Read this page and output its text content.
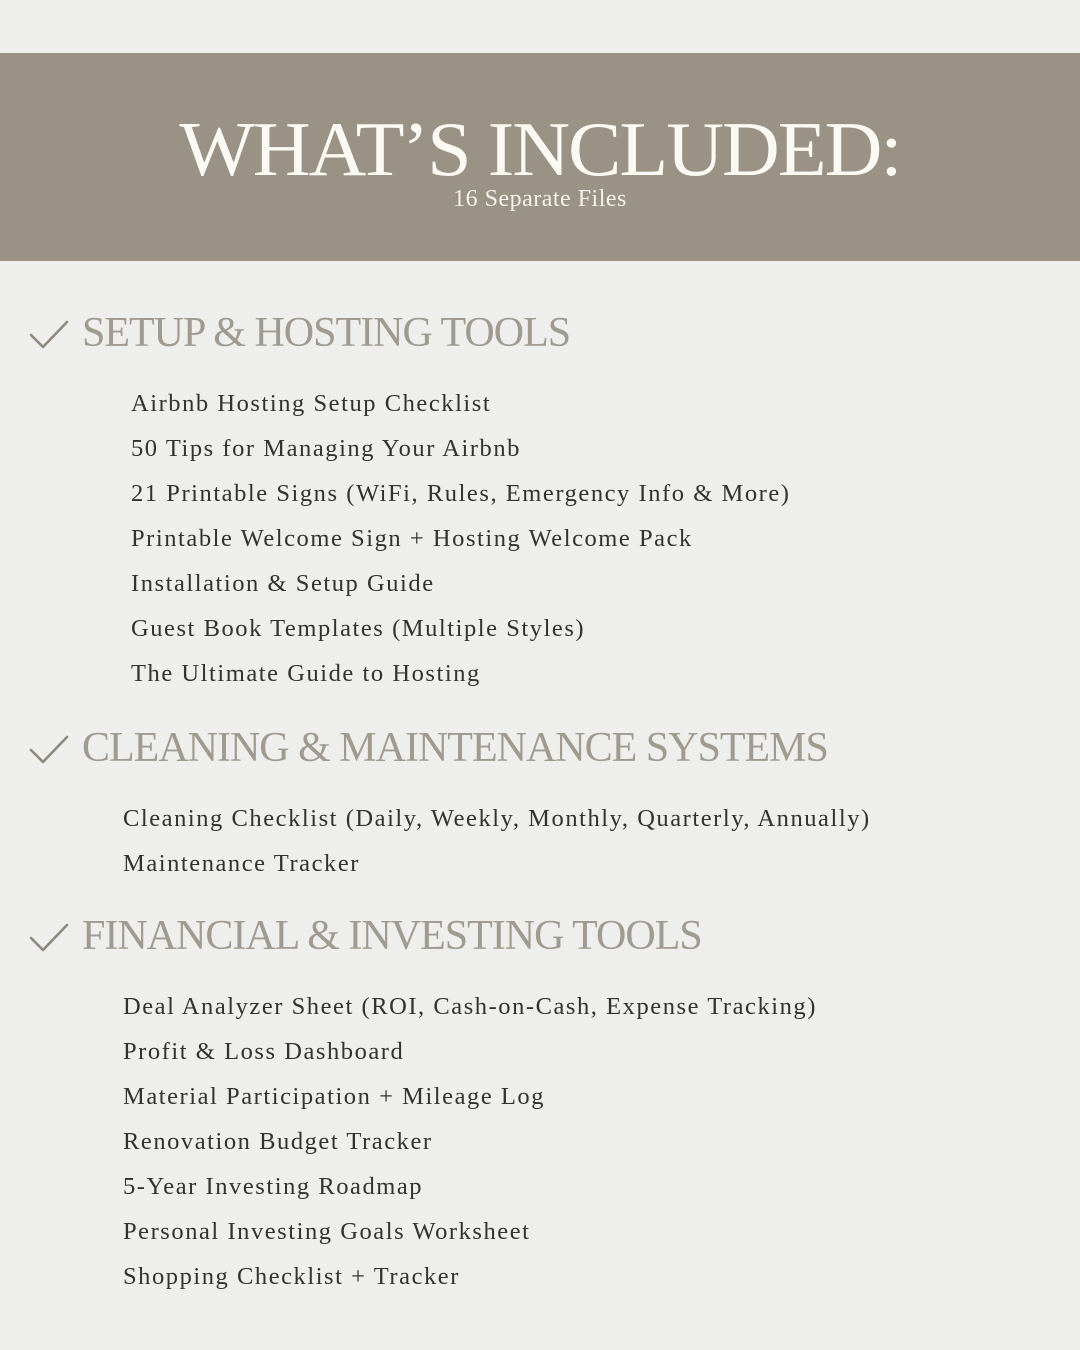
WHAT’S INCLUDED:
16 Separate Files
SETUP & HOSTING TOOLS
Airbnb Hosting Setup Checklist
50 Tips for Managing Your Airbnb
21 Printable Signs (WiFi, Rules, Emergency Info & More)
Printable Welcome Sign + Hosting Welcome Pack
Installation & Setup Guide
Guest Book Templates (Multiple Styles)
The Ultimate Guide to Hosting
CLEANING & MAINTENANCE SYSTEMS
Cleaning Checklist (Daily, Weekly, Monthly, Quarterly, Annually)
Maintenance Tracker
FINANCIAL & INVESTING TOOLS
Deal Analyzer Sheet (ROI, Cash-on-Cash, Expense Tracking)
Profit & Loss Dashboard
Material Participation + Mileage Log
Renovation Budget Tracker
5-Year Investing Roadmap
Personal Investing Goals Worksheet
Shopping Checklist + Tracker
